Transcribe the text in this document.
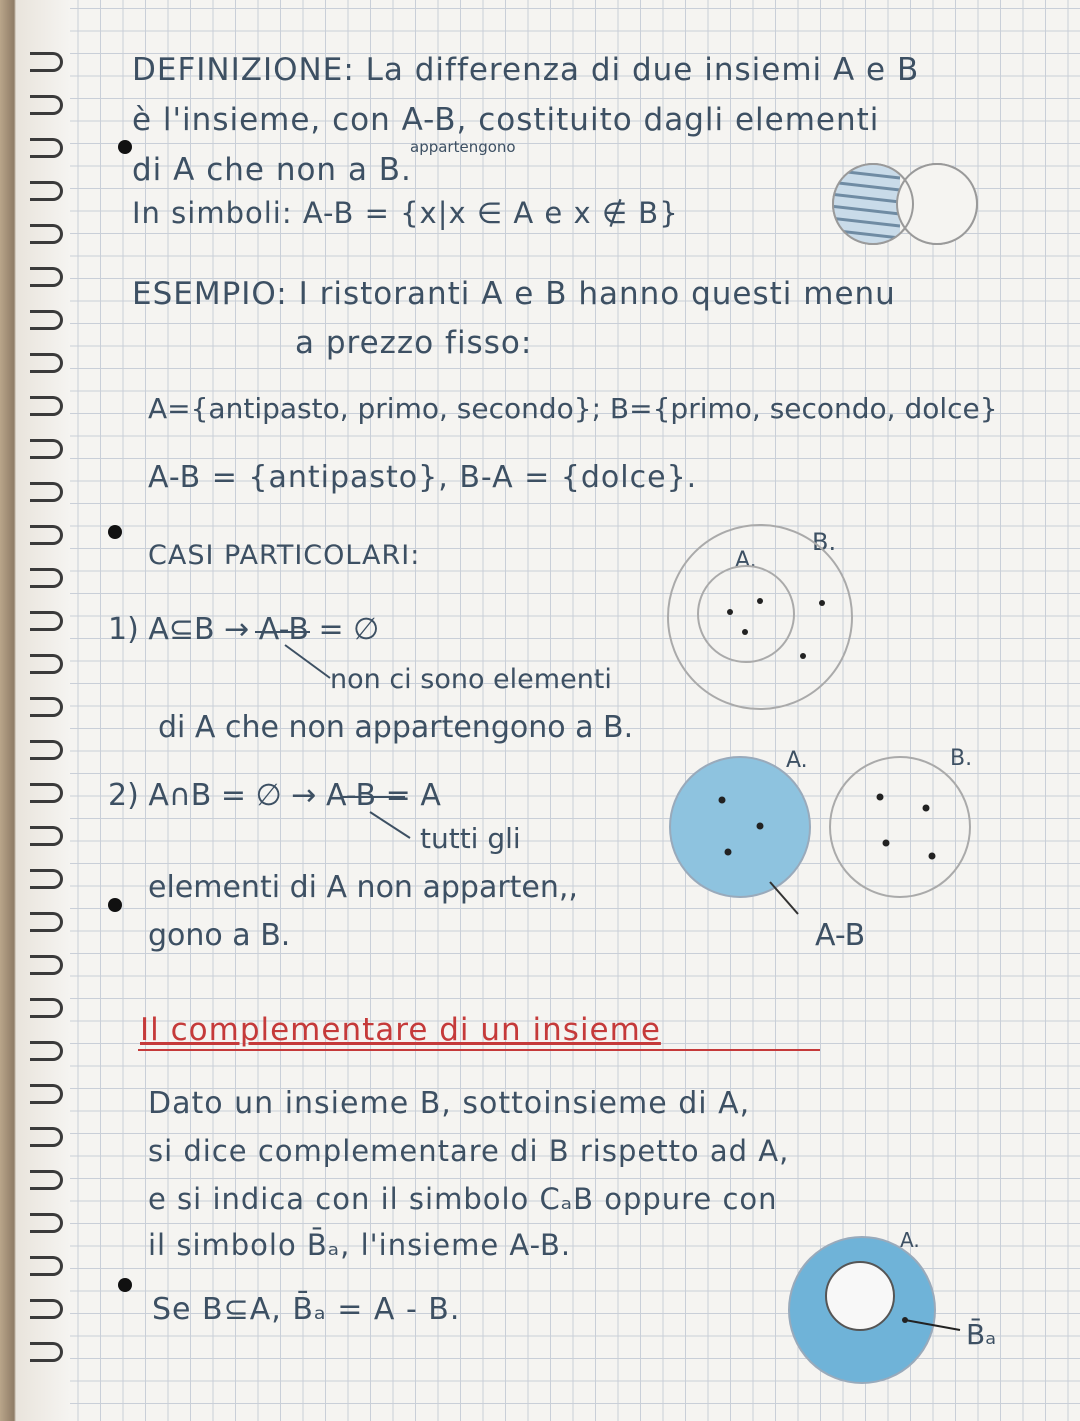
DEFINIZIONE: La differenza di due insiemi A e B
è l'insieme, con A-B, costituito dagli elementi
appartengono
di A che non a B.
In simboli: A-B = {x|x ∈ A e x ∉ B}
ESEMPIO: I ristoranti A e B hanno questi menu
a prezzo fisso:
A={antipasto, primo, secondo}; B={primo, secondo, dolce}
A-B = {antipasto}, B-A = {dolce}.
CASI PARTICOLARI:
1) A⊆B → A-B = ∅
non ci sono elementi
di A che non appartengono a B.
A.
B.
2) A∩B = ∅ → A-B = A
tutti gli
elementi di A non apparten,,
gono a B.
A.	B.
A-B
Il complementare di un insieme
Dato un insieme B, sottoinsieme di A,
si dice complementare di B rispetto ad A,
e si indica con il simbolo CₐB oppure con
il simbolo B̄ₐ, l'insieme A-B.
Se B⊆A, B̄ₐ = A - B.
A.
B̄ₐ
